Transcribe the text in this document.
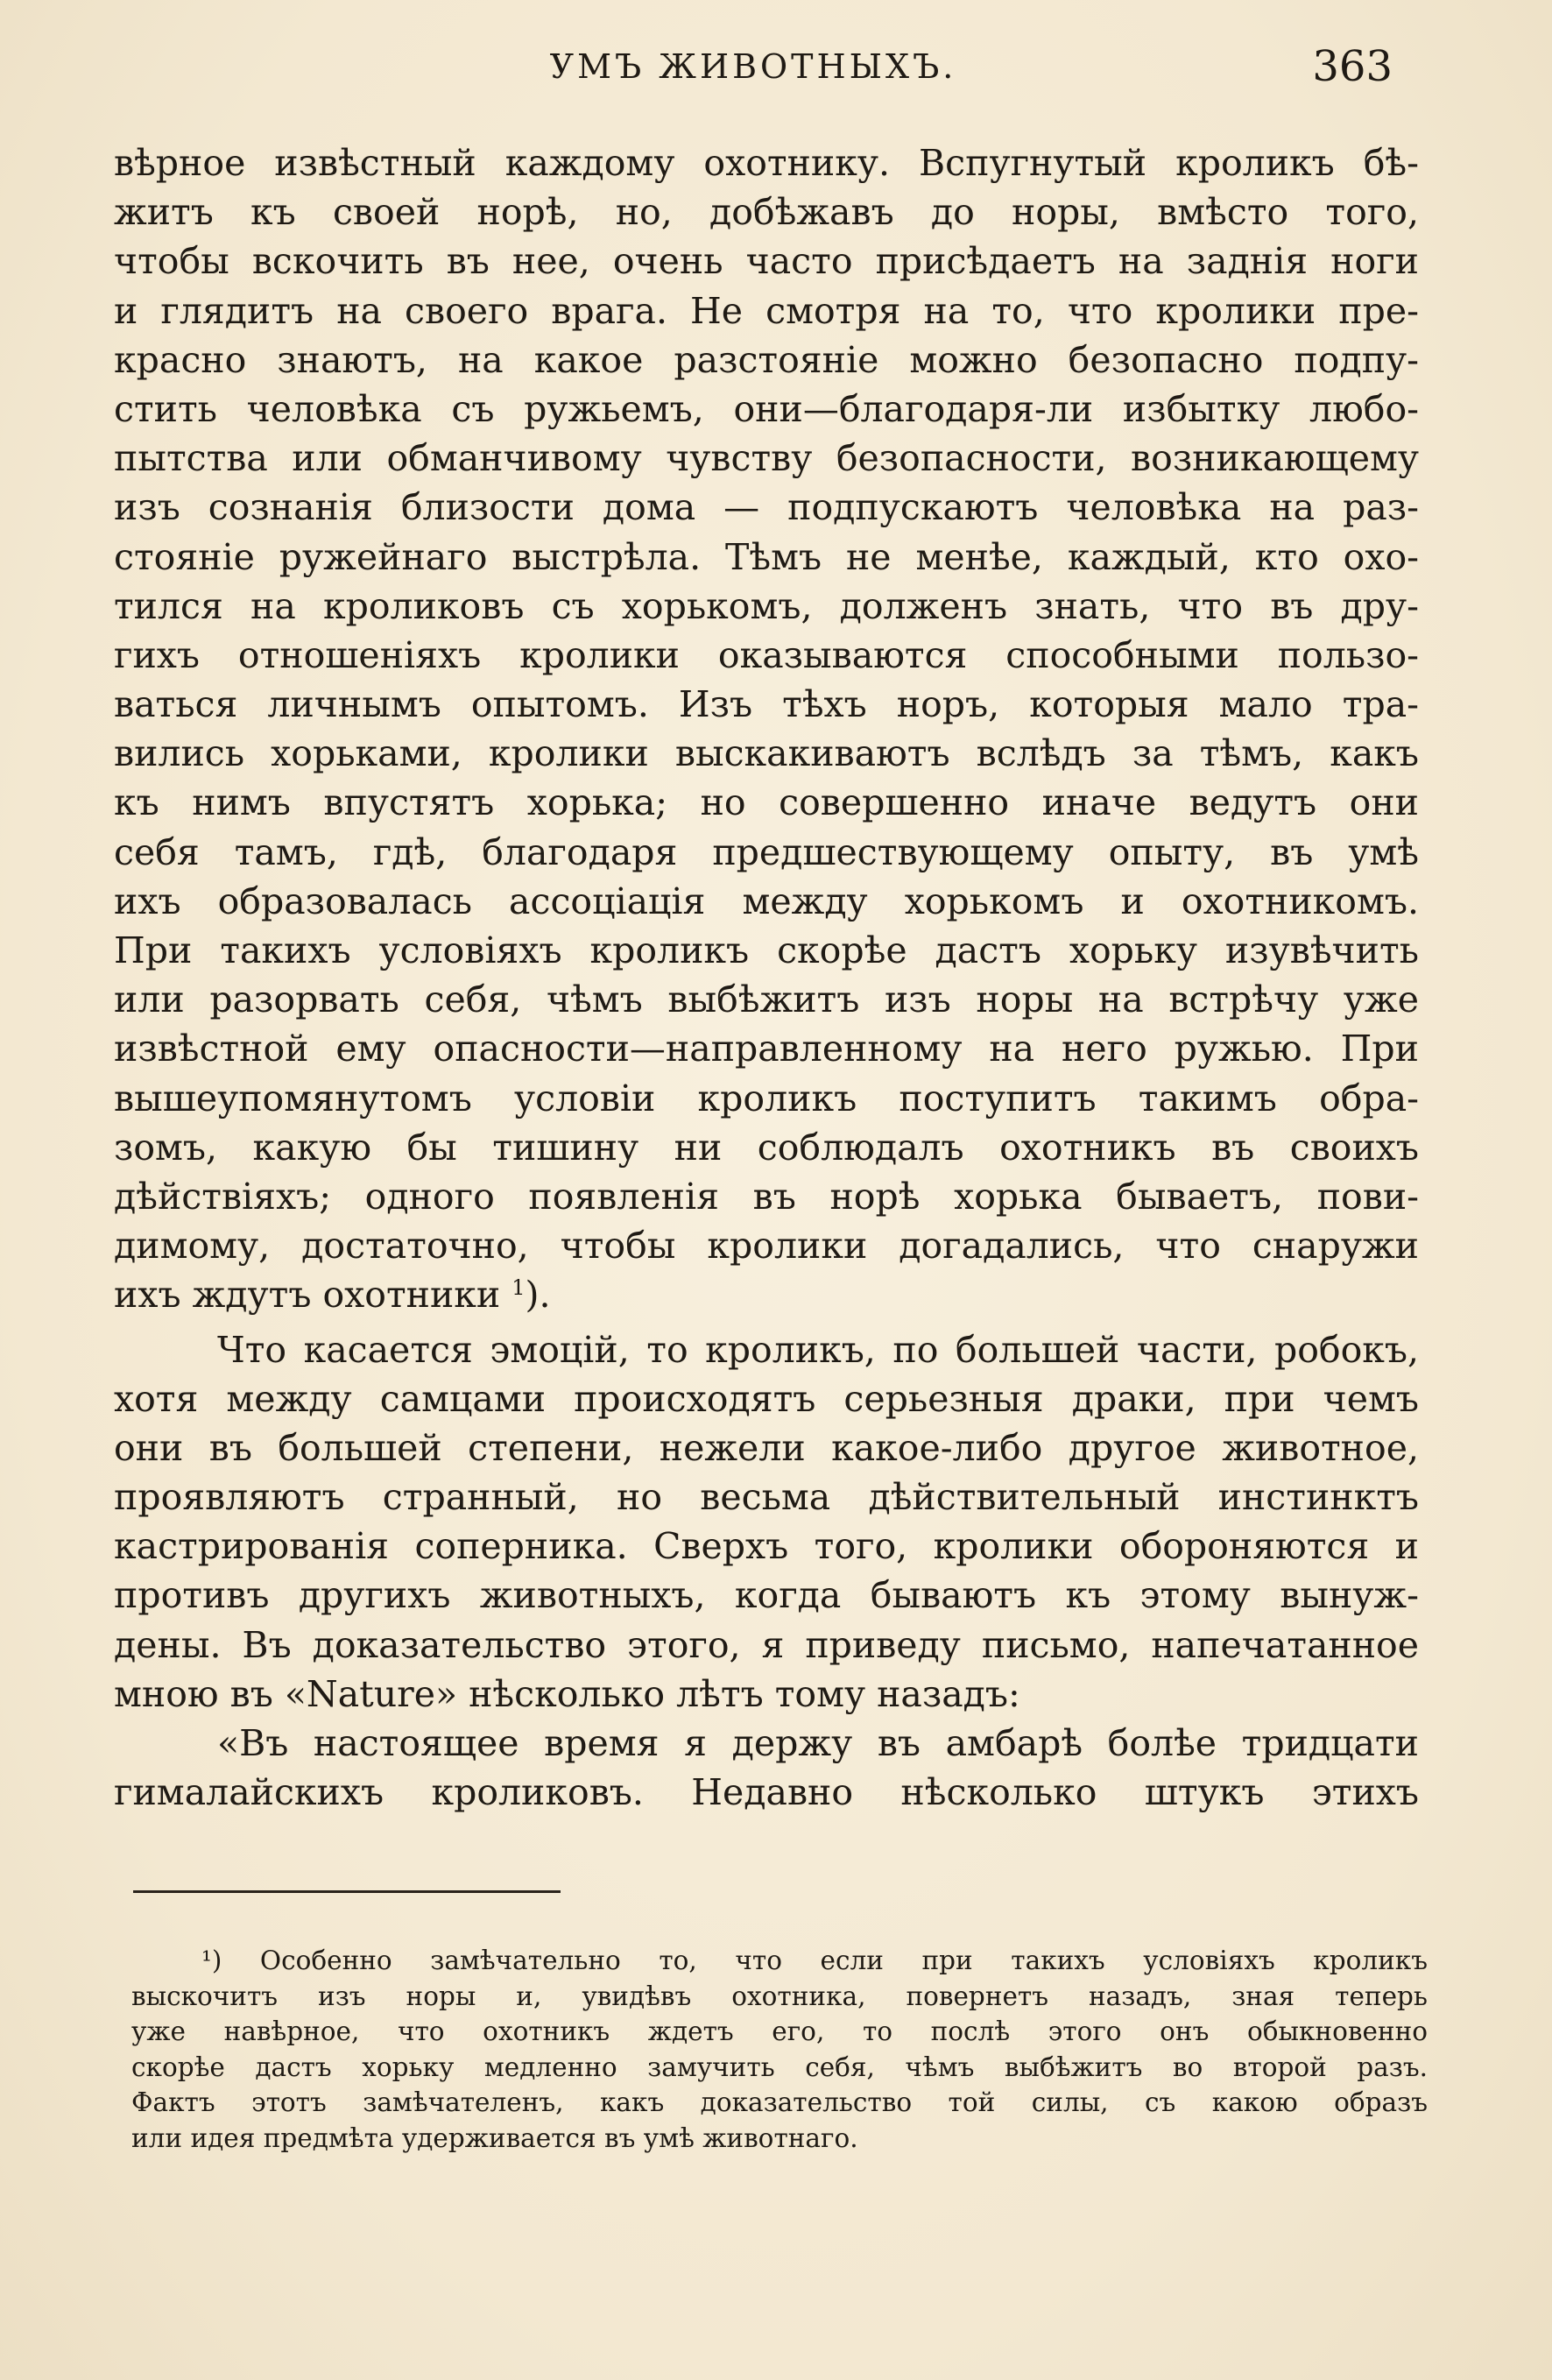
УМЪ ЖИВОТНЫХЪ.	363
вѣрное извѣстный каждому охотнику. Вспугнутый кроликъ бѣ-
житъ къ своей норѣ, но, добѣжавъ до норы, вмѣсто того,
чтобы вскочить въ нее, очень часто присѣдаетъ на заднія ноги
и глядитъ на своего врага. Не смотря на то, что кролики пре-
красно знаютъ, на какое разстояніе можно безопасно подпу-
стить человѣка съ ружьемъ, они—благодаря-ли избытку любо-
пытства или обманчивому чувству безопасности, возникающему
изъ сознанія близости дома — подпускаютъ человѣка на раз-
стояніе ружейнаго выстрѣла. Тѣмъ не менѣе, каждый, кто охо-
тился на кроликовъ съ хорькомъ, долженъ знать, что въ дру-
гихъ отношеніяхъ кролики оказываются способными пользо-
ваться личнымъ опытомъ. Изъ тѣхъ норъ, которыя мало тра-
вились хорьками, кролики выскакиваютъ вслѣдъ за тѣмъ, какъ
къ нимъ впустятъ хорька; но совершенно иначе ведутъ они
себя тамъ, гдѣ, благодаря предшествующему опыту, въ умѣ
ихъ образовалась ассоціація между хорькомъ и охотникомъ.
При такихъ условіяхъ кроликъ скорѣе дастъ хорьку изувѣчить
или разорвать себя, чѣмъ выбѣжитъ изъ норы на встрѣчу уже
извѣстной ему опасности—направленному на него ружью. При
вышеупомянутомъ условіи кроликъ поступитъ такимъ обра-
зомъ, какую бы тишину ни соблюдалъ охотникъ въ своихъ
дѣйствіяхъ; одного появленія въ норѣ хорька бываетъ, пови-
димому, достаточно, чтобы кролики догадались, что снаружи
ихъ ждутъ охотники $^1$).
Что касается эмоцій, то кроликъ, по большей части, робокъ,
хотя между самцами происходятъ серьезныя драки, при чемъ
они въ большей степени, нежели какое-либо другое животное,
проявляютъ странный, но весьма дѣйствительный инстинктъ
кастрированія соперника. Сверхъ того, кролики обороняются и
противъ другихъ животныхъ, когда бываютъ къ этому вынуж-
дены. Въ доказательство этого, я приведу письмо, напечатанное
мною въ «Nature» нѣсколько лѣтъ тому назадъ:
«Въ настоящее время я держу въ амбарѣ болѣе тридцати
гималайскихъ кроликовъ. Недавно нѣсколько штукъ этихъ
¹) Особенно замѣчательно то, что если при такихъ условіяхъ кроликъ
выскочитъ изъ норы и, увидѣвъ охотника, повернетъ назадъ, зная теперь
уже навѣрное, что охотникъ ждетъ его, то послѣ этого онъ обыкновенно
скорѣе дастъ хорьку медленно замучить себя, чѣмъ выбѣжитъ во второй разъ.
Фактъ этотъ замѣчателенъ, какъ доказательство той силы, съ какою образъ
или идея предмѣта удерживается въ умѣ животнаго.
